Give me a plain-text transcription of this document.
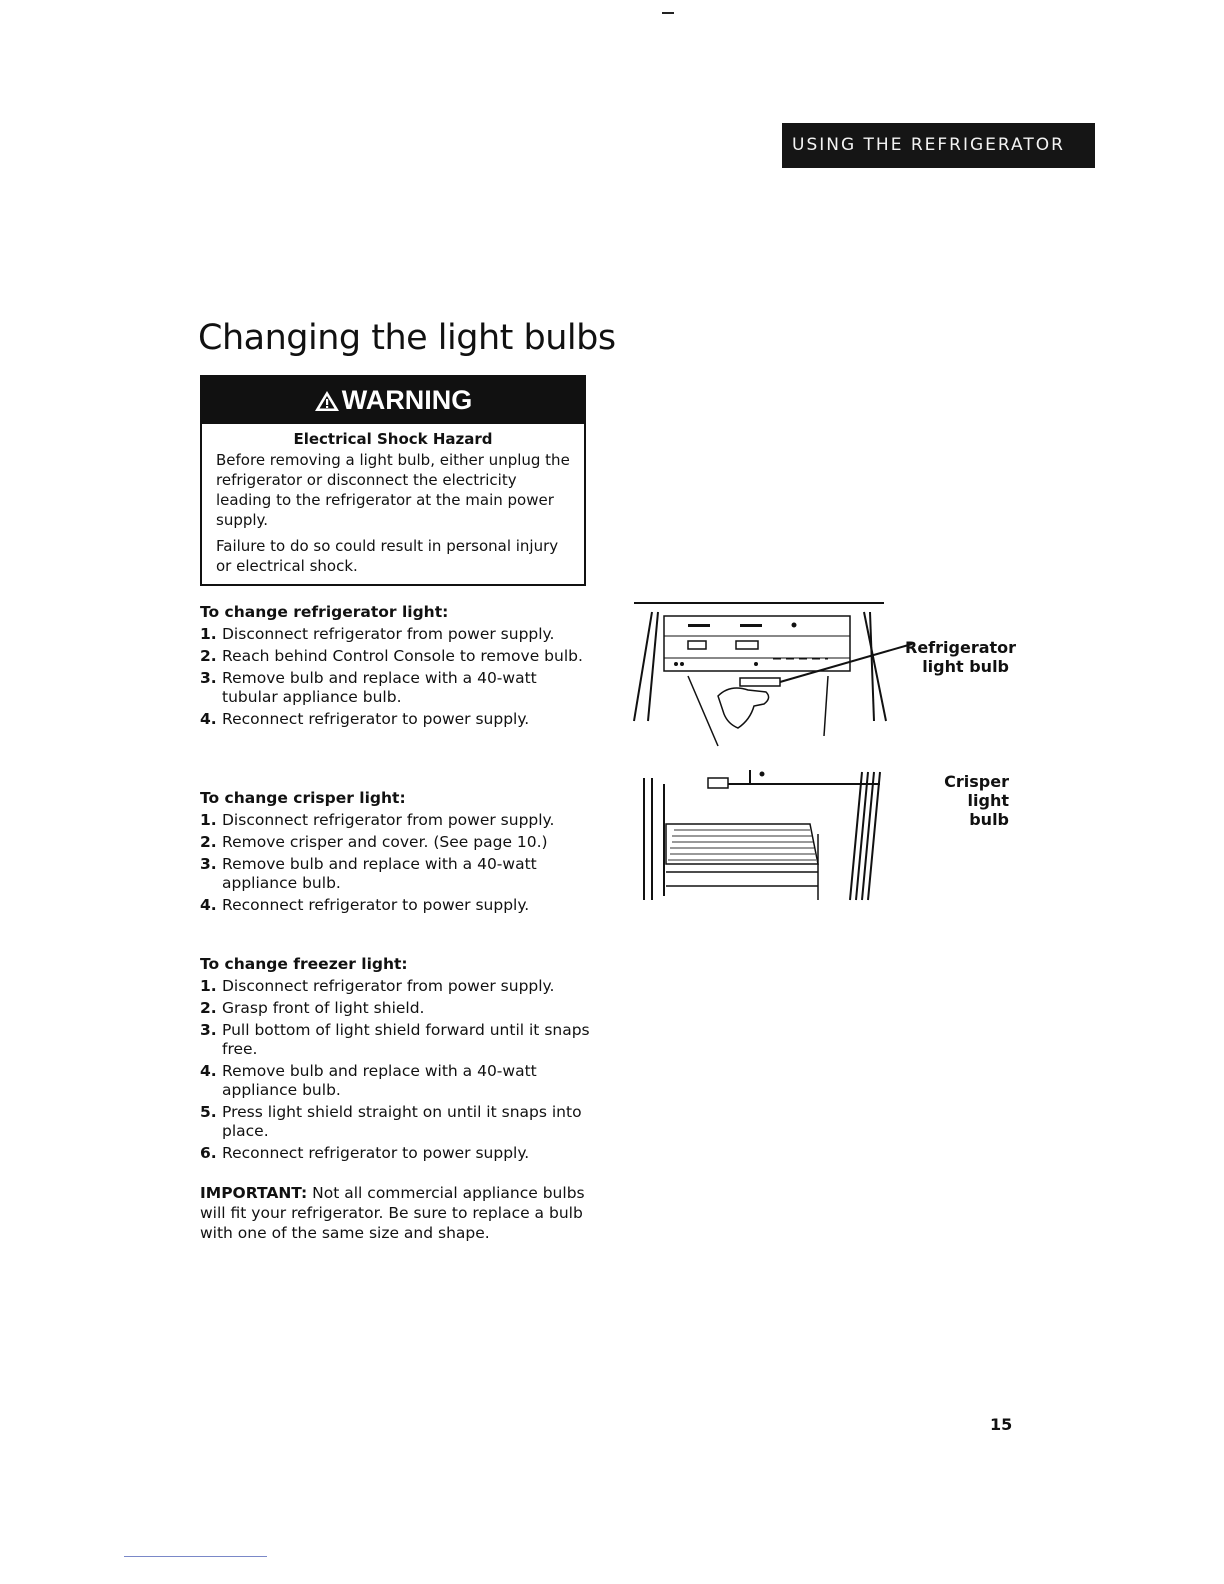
USING THE REFRIGERATOR
Changing the light bulbs
WARNING
Electrical Shock Hazard

Before removing a light bulb, either unplug the refrigerator or disconnect the electricity leading to the refrigerator at the main power supply.

Failure to do so could result in personal injury or electrical shock.

To change refrigerator light:

1. Disconnect refrigerator from power supply.
2. Reach behind Control Console to remove bulb.
3. Remove bulb and replace with a 40-watt tubular appliance bulb.
4. Reconnect refrigerator to power supply.

To change crisper light:

1. Disconnect refrigerator from power supply.
2. Remove crisper and cover. (See page 10.)
3. Remove bulb and replace with a 40-watt appliance bulb.
4. Reconnect refrigerator to power supply.

To change freezer light:

1. Disconnect refrigerator from power supply.
2. Grasp front of light shield.
3. Pull bottom of light shield forward until it snaps free.
4. Remove bulb and replace with a 40-watt appliance bulb.
5. Press light shield straight on until it snaps into place.
6. Reconnect refrigerator to power supply.
IMPORTANT: Not all commercial appliance bulbs will fit your refrigerator. Be sure to replace a bulb with one of the same size and shape.
Refrigerator
light bulb
Crisper light
bulb
15
